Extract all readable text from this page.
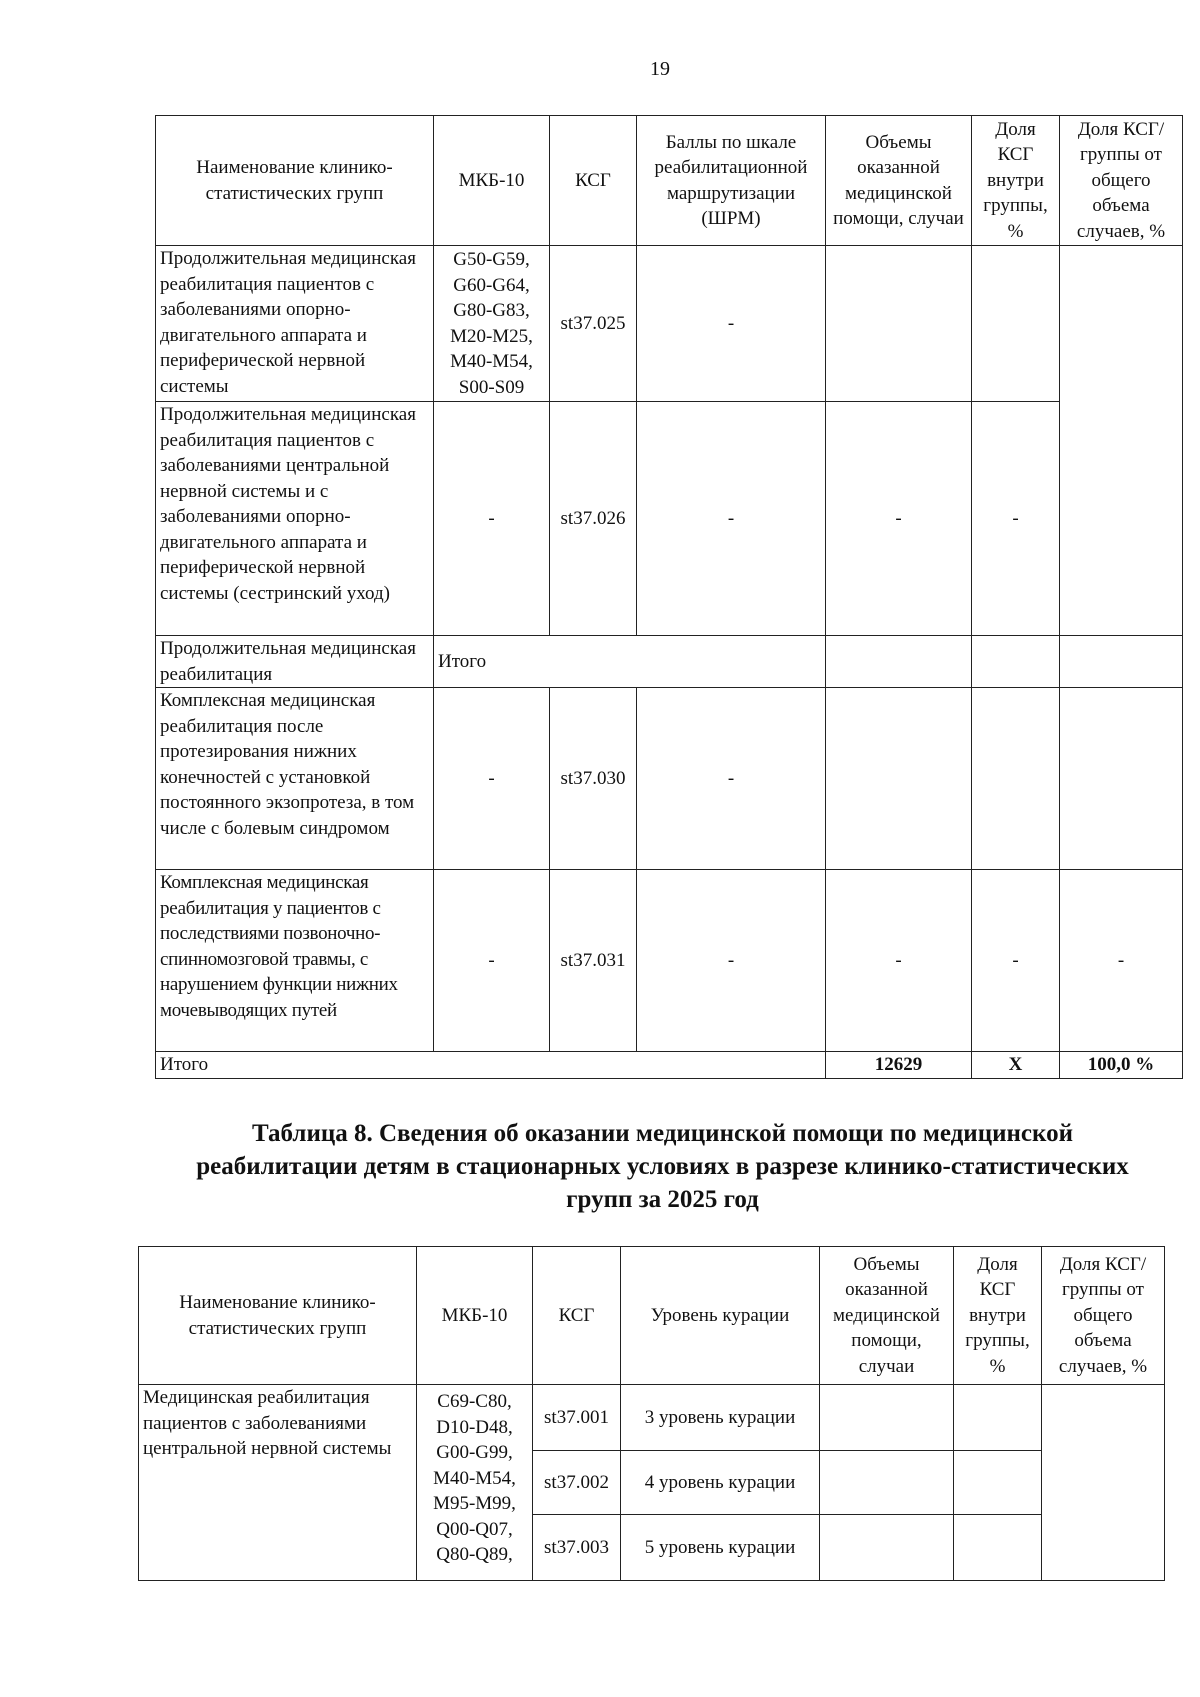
19
Наименование клинико-статистических групп	МКБ-10	КСГ	Баллы по шкале реабилитационной маршрутизации (ШРМ)	Объемы оказанной медицинской помощи, случаи	Доля КСГ внутри группы, %	Доля КСГ/ группы от общего объема случаев, %
Продолжительная медицинская реабилитация пациентов с заболеваниями опорно-двигательного аппарата и периферической нервной системы	G50-G59, G60-G64, G80-G83, M20-M25, M40-M54, S00-S09	st37.025	-			
Продолжительная медицинская реабилитация пациентов с заболеваниями центральной нервной системы и с заболеваниями опорно-двигательного аппарата и периферической нервной системы (сестринский уход)	-	st37.026	-	-	-	
Продолжительная медицинская реабилитация	Итого					
Комплексная медицинская реабилитация после протезирования нижних конечностей с установкой постоянного экзопротеза, в том числе с болевым синдромом	-	st37.030	-			
Комплексная медицинская реабилитация у пациентов с последствиями позвоночно-спинномозговой травмы, с нарушением функции нижних мочевыводящих путей	-	st37.031	-	-	-	-
Итого				12629	X	100,0 %
Таблица 8. Сведения об оказании медицинской помощи по медицинской реабилитации детям в стационарных условиях в разрезе клинико-статистических групп за 2025 год
Наименование клинико-статистических групп	МКБ-10	КСГ	Уровень курации	Объемы оказанной медицинской помощи, случаи	Доля КСГ внутри группы, %	Доля КСГ/ группы от общего объема случаев, %
Медицинская реабилитация пациентов с заболеваниями центральной нервной системы	C69-C80, D10-D48, G00-G99, M40-M54, M95-M99, Q00-Q07, Q80-Q89,	st37.001	3 уровень курации			
		st37.002	4 уровень курации			
		st37.003	5 уровень курации			
